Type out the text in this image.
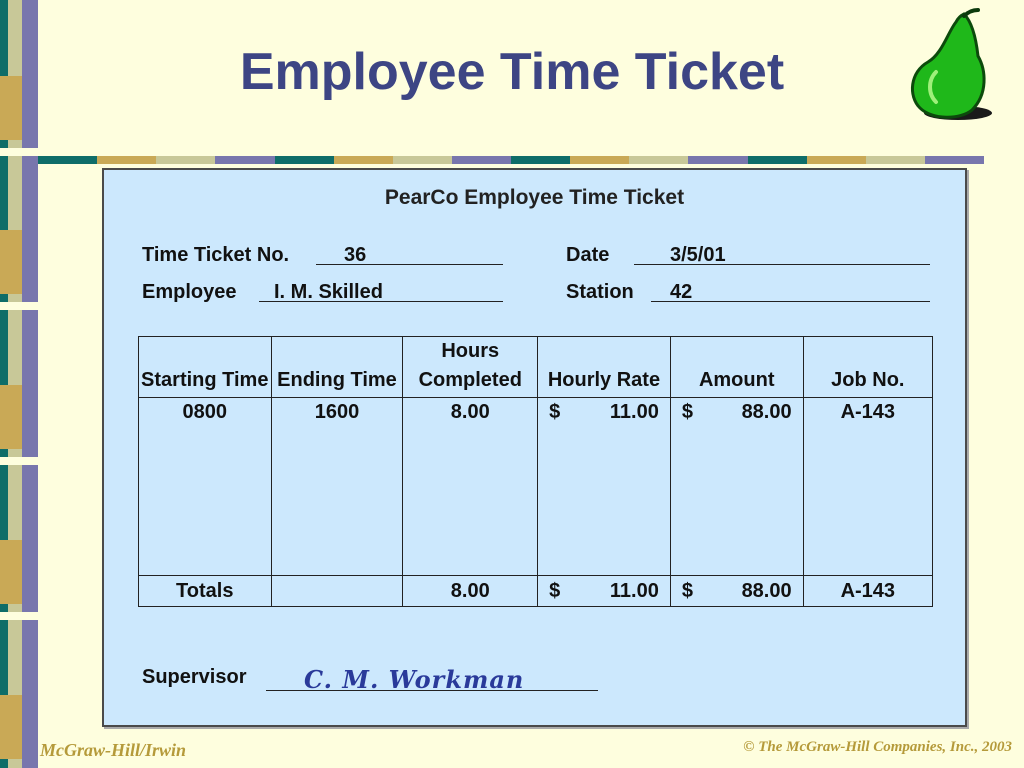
Employee Time Ticket
PearCo Employee Time Ticket
Time Ticket No.	36	Date	3/5/01
Employee I. M. Skilled	Station 42
Starting Time	Ending Time	Hours Completed	Hourly Rate	Amount	Job No.
0800	1600	8.00	$ 11.00	$ 88.00	A-143
Totals		8.00	$ 11.00	$ 88.00	A-143
Supervisor C. M. Workman
McGraw-Hill/Irwin	© The McGraw-Hill Companies, Inc., 2003
